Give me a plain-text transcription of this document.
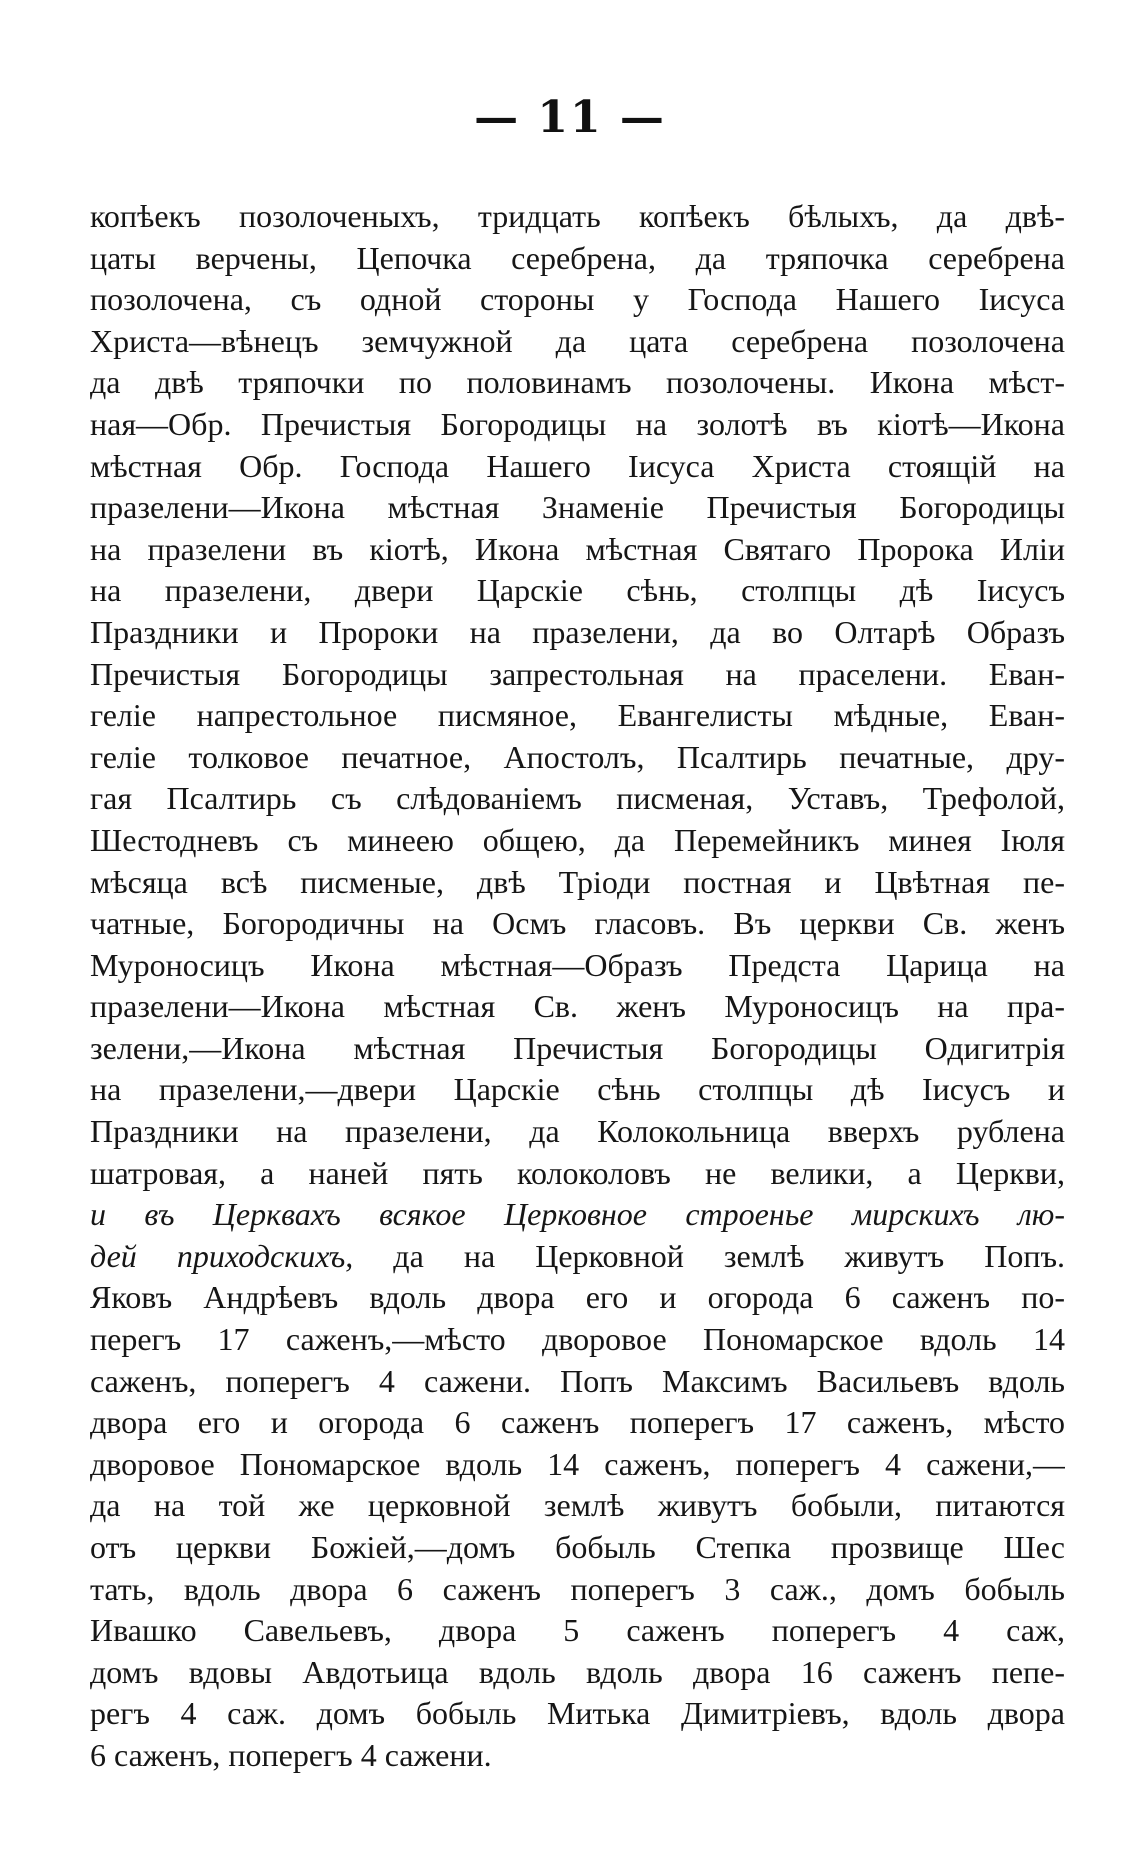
— 11 —
копѣекъ позолоченыхъ, тридцать копѣекъ бѣлыхъ, да двѣ-
цаты верчены, Цепочка серебрена, да тряпочка серебрена
позолочена, съ одной стороны у Господа Нашего Іисуса
Христа—вѣнецъ земчужной да цата серебрена позолочена
да двѣ тряпочки по половинамъ позолочены. Икона мѣст-
ная—Обр. Пречистыя Богородицы на золотѣ въ кіотѣ—Икона
мѣстная Обр. Господа Нашего Іисуса Христа стоящій на
празелени—Икона мѣстная Знаменіе Пречистыя Богородицы
на празелени въ кіотѣ, Икона мѣстная Святаго Пророка Иліи
на празелени, двери Царскіе сѣнь, столпцы дѣ Іисусъ
Праздники и Пророки на празелени, да во Олтарѣ Образъ
Пречистыя Богородицы запрестольная на праселени. Еван-
геліе напрестольное писмяное, Евангелисты мѣдные, Еван-
геліе толковое печатное, Апостолъ, Псалтирь печатные, дру-
гая Псалтирь съ слѣдованіемъ писменая, Уставъ, Трефолой,
Шестодневъ съ минеею общею, да Перемейникъ минея Іюля
мѣсяца всѣ писменые, двѣ Тріоди постная и Цвѣтная пе-
чатные, Богородичны на Осмъ гласовъ. Въ церкви Св. женъ
Муроносицъ Икона мѣстная—Образъ Предста Царица на
празелени—Икона мѣстная Св. женъ Муроносицъ на пра-
зелени,—Икона мѣстная Пречистыя Богородицы Одигитрія
на празелени,—двери Царскіе сѣнь столпцы дѣ Іисусъ и
Праздники на празелени, да Колокольница вверхъ рублена
шатровая, а наней пять колоколовъ не велики, а Церкви,
и въ Церквахъ всякое Церковное строенье мирскихъ лю-
дей приходскихъ, да на Церковной землѣ живутъ Попъ.
Яковъ Андрѣевъ вдоль двора его и огорода 6 саженъ по-
перегъ 17 саженъ,—мѣсто дворовое Пономарское вдоль 14
саженъ, поперегъ 4 сажени. Попъ Максимъ Васильевъ вдоль
двора его и огорода 6 саженъ поперегъ 17 саженъ, мѣсто
дворовое Пономарское вдоль 14 саженъ, поперегъ 4 сажени,—
да на той же церковной землѣ живутъ бобыли, питаются
отъ церкви Божіей,—домъ бобыль Степка прозвище Шес
тать, вдоль двора 6 саженъ поперегъ 3 саж., домъ бобыль
Ивашко Савельевъ, двора 5 саженъ поперегъ 4 саж,
домъ вдовы Авдотьица вдоль вдоль двора 16 саженъ пепе-
регъ 4 саж. домъ бобыль Митька Димитріевъ, вдоль двора
6 саженъ, поперегъ 4 сажени.
